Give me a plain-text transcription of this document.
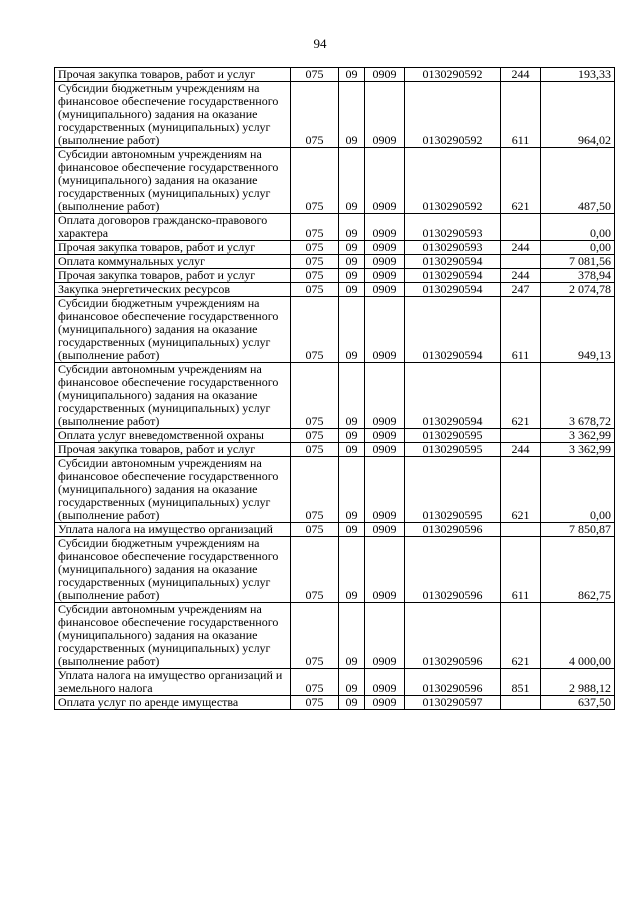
94
Прочая закупка товаров, работ и услуг	075	09	0909	0130290592	244	193,33
Субсидии бюджетным учреждениям на финансовое обеспечение государственного (муниципального) задания на оказание государственных (муниципальных) услуг (выполнение работ)	075	09	0909	0130290592	611	964,02
Субсидии автономным учреждениям на финансовое обеспечение государственного (муниципального) задания на оказание государственных (муниципальных) услуг (выполнение работ)	075	09	0909	0130290592	621	487,50
Оплата договоров гражданско-правового характера	075	09	0909	0130290593		0,00
Прочая закупка товаров, работ и услуг	075	09	0909	0130290593	244	0,00
Оплата коммунальных услуг	075	09	0909	0130290594		7 081,56
Прочая закупка товаров, работ и услуг	075	09	0909	0130290594	244	378,94
Закупка энергетических ресурсов	075	09	0909	0130290594	247	2 074,78
Субсидии бюджетным учреждениям на финансовое обеспечение государственного (муниципального) задания на оказание государственных (муниципальных) услуг (выполнение работ)	075	09	0909	0130290594	611	949,13
Субсидии автономным учреждениям на финансовое обеспечение государственного (муниципального) задания на оказание государственных (муниципальных) услуг (выполнение работ)	075	09	0909	0130290594	621	3 678,72
Оплата услуг вневедомственной охраны	075	09	0909	0130290595		3 362,99
Прочая закупка товаров, работ и услуг	075	09	0909	0130290595	244	3 362,99
Субсидии автономным учреждениям на финансовое обеспечение государственного (муниципального) задания на оказание государственных (муниципальных) услуг (выполнение работ)	075	09	0909	0130290595	621	0,00
Уплата налога на имущество организаций	075	09	0909	0130290596		7 850,87
Субсидии бюджетным учреждениям на финансовое обеспечение государственного (муниципального) задания на оказание государственных (муниципальных) услуг (выполнение работ)	075	09	0909	0130290596	611	862,75
Субсидии автономным учреждениям на финансовое обеспечение государственного (муниципального) задания на оказание государственных (муниципальных) услуг (выполнение работ)	075	09	0909	0130290596	621	4 000,00
Уплата налога на имущество организаций и земельного налога	075	09	0909	0130290596	851	2 988,12
Оплата услуг по аренде имущества	075	09	0909	0130290597		637,50
